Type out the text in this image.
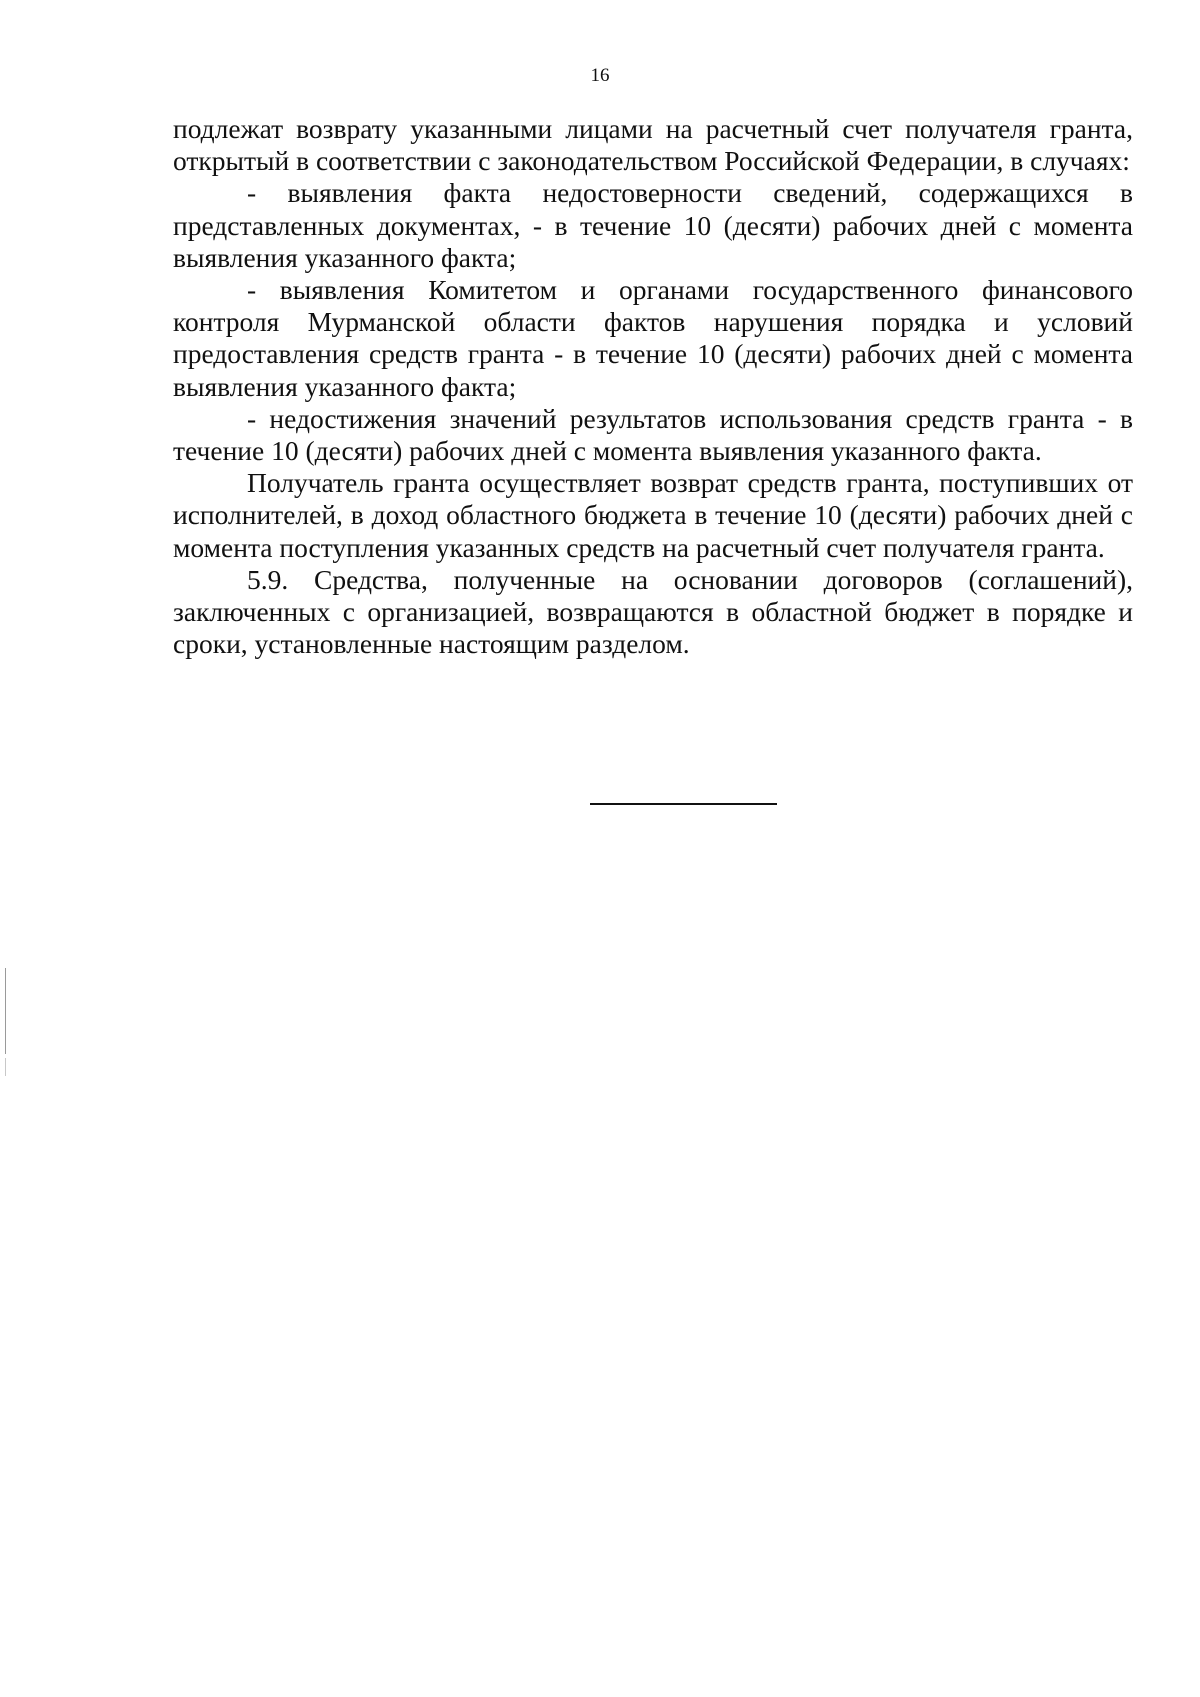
16

подлежат возврату указанными лицами на расчетный счет получателя гранта, открытый в соответствии с законодательством Российской Федерации, в случаях:

- выявления факта недостоверности сведений, содержащихся в представленных документах, - в течение 10 (десяти) рабочих дней с момента выявления указанного факта;

- выявления Комитетом и органами государственного финансового контроля Мурманской области фактов нарушения порядка и условий предоставления средств гранта - в течение 10 (десяти) рабочих дней с момента выявления указанного факта;

- недостижения значений результатов использования средств гранта - в течение 10 (десяти) рабочих дней с момента выявления указанного факта.

Получатель гранта осуществляет возврат средств гранта, поступивших от исполнителей, в доход областного бюджета в течение 10 (десяти) рабочих дней с момента поступления указанных средств на расчетный счет получателя гранта.

5.9. Средства, полученные на основании договоров (соглашений), заключенных с организацией, возвращаются в областной бюджет в порядке и сроки, установленные настоящим разделом.
